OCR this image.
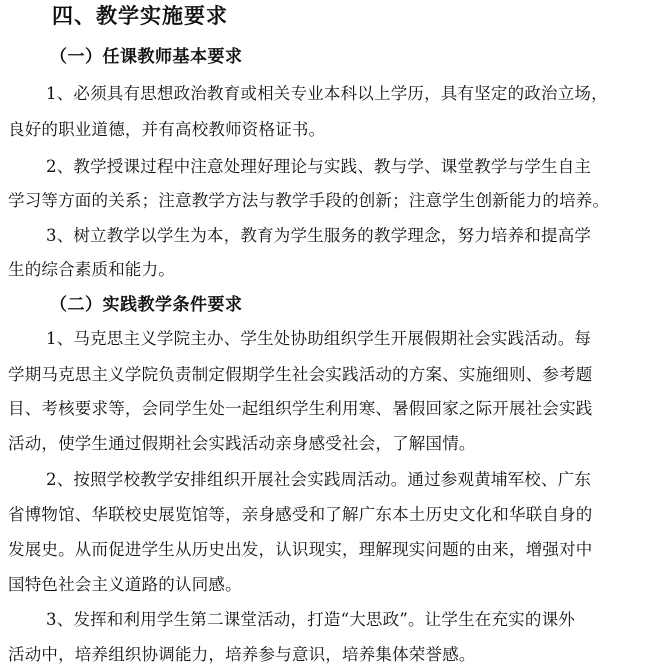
四、教学实施要求
（一）任课教师基本要求
1、必须具有思想政治教育或相关专业本科以上学历，具有坚定的政治立场，
良好的职业道德，并有高校教师资格证书。
2、教学授课过程中注意处理好理论与实践、教与学、课堂教学与学生自主
学习等方面的关系；注意教学方法与教学手段的创新；注意学生创新能力的培养。
3、树立教学以学生为本，教育为学生服务的教学理念，努力培养和提高学
生的综合素质和能力。
（二）实践教学条件要求
1、马克思主义学院主办、学生处协助组织学生开展假期社会实践活动。每
学期马克思主义学院负责制定假期学生社会实践活动的方案、实施细则、参考题
目、考核要求等，会同学生处一起组织学生利用寒、暑假回家之际开展社会实践
活动，使学生通过假期社会实践活动亲身感受社会，了解国情。
2、按照学校教学安排组织开展社会实践周活动。通过参观黄埔军校、广东
省博物馆、华联校史展览馆等，亲身感受和了解广东本土历史文化和华联自身的
发展史。从而促进学生从历史出发，认识现实，理解现实问题的由来，增强对中
国特色社会主义道路的认同感。
3、发挥和利用学生第二课堂活动，打造“大思政”。让学生在充实的课外
活动中，培养组织协调能力，培养参与意识，培养集体荣誉感。
